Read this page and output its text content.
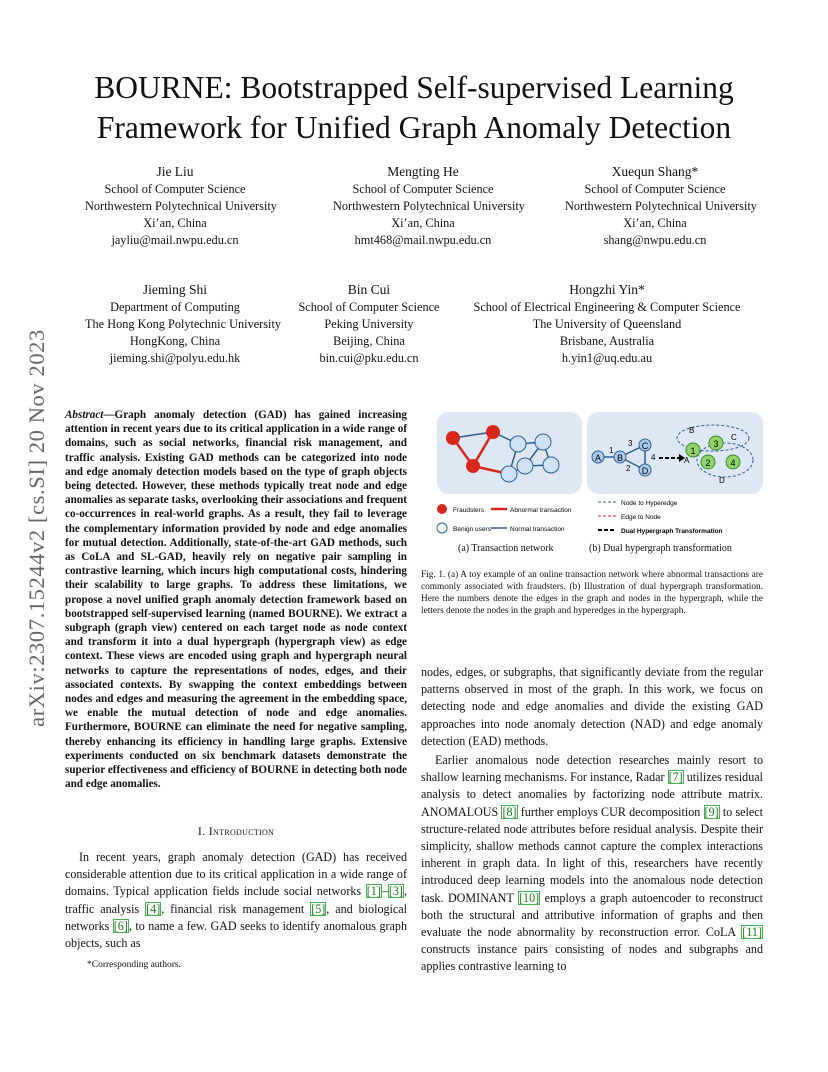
BOURNE: Bootstrapped Self-supervised Learning
Framework for Unified Graph Anomaly Detection
arXiv:2307.15244v2 [cs.SI] 20 Nov 2023
Jie Liu
School of Computer Science
Northwestern Polytechnical University
Xi’an, China
jayliu@mail.nwpu.edu.cn
Mengting He
School of Computer Science
Northwestern Polytechnical University
Xi’an, China
hmt468@mail.nwpu.edu.cn
Xuequn Shang*
School of Computer Science
Northwestern Polytechnical University
Xi’an, China
shang@nwpu.edu.cn
Jieming Shi
Department of Computing
The Hong Kong Polytechnic University
HongKong, China
jieming.shi@polyu.edu.hk
Bin Cui
School of Computer Science
Peking University
Beijing, China
bin.cui@pku.edu.cn
Hongzhi Yin*
School of Electrical Engineering & Computer Science
The University of Queensland
Brisbane, Australia
h.yin1@uq.edu.au

Abstract—Graph anomaly detection (GAD) has gained increasing attention in recent years due to its critical application in a wide range of domains, such as social networks, financial risk management, and traffic analysis. Existing GAD methods can be categorized into node and edge anomaly detection models based on the type of graph objects being detected. However, these methods typically treat node and edge anomalies as separate tasks, overlooking their associations and frequent co-occurrences in real-world graphs. As a result, they fail to leverage the complementary information provided by node and edge anomalies for mutual detection. Additionally, state-of-the-art GAD methods, such as CoLA and SL-GAD, heavily rely on negative pair sampling in contrastive learning, which incurs high computational costs, hindering their scalability to large graphs. To address these limitations, we propose a novel unified graph anomaly detection framework based on bootstrapped self-supervised learning (named BOURNE). We extract a subgraph (graph view) centered on each target node as node context and transform it into a dual hypergraph (hypergraph view) as edge context. These views are encoded using graph and hypergraph neural networks to capture the representations of nodes, edges, and their associated contexts. By swapping the context embeddings between nodes and edges and measuring the agreement in the embedding space, we enable the mutual detection of node and edge anomalies. Furthermore, BOURNE can eliminate the need for negative sampling, thereby enhancing its efficiency in handling large graphs. Extensive experiments conducted on six benchmark datasets demonstrate the superior effectiveness and efficiency of BOURNE in detecting both node and edge anomalies.

I. Introduction

In recent years, graph anomaly detection (GAD) has received considerable attention due to its critical application in a wide range of domains. Typical application fields include social networks [1]–[3], traffic analysis [4], financial risk management [5], and biological networks [6], to name a few. GAD seeks to identify anomalous graph objects, such as

*Corresponding authors.
A B
C
D
1
2
3
4
1
2
3
4
A
B
C
D
Fraudsters	Abnormal transaction
Benign users	Normal transaction
Node to Hyperedge
Edge to Node
Dual Hypergraph Transformation
(a) Transaction network	(b) Dual hypergraph transformation
Fig. 1. (a) A toy example of an online transaction network where abnormal transactions are commonly associated with fraudsters. (b) Illustration of dual hypergraph transformation. Here the numbers denote the edges in the graph and nodes in the hypergraph, while the letters denote the nodes in the graph and hyperedges in the hypergraph.

nodes, edges, or subgraphs, that significantly deviate from the regular patterns observed in most of the graph. In this work, we focus on detecting node and edge anomalies and divide the existing GAD approaches into node anomaly detection (NAD) and edge anomaly detection (EAD) methods.

Earlier anomalous node detection researches mainly resort to shallow learning mechanisms. For instance, Radar [7] utilizes residual analysis to detect anomalies by factorizing node attribute matrix. ANOMALOUS [8] further employs CUR decomposition [9] to select structure-related node attributes before residual analysis. Despite their simplicity, shallow methods cannot capture the complex interactions inherent in graph data. In light of this, researchers have recently introduced deep learning models into the anomalous node detection task. DOMINANT [10] employs a graph autoencoder to reconstruct both the structural and attributive information of graphs and then evaluate the node abnormality by reconstruction error. CoLA [11] constructs instance pairs consisting of nodes and subgraphs and applies contrastive learning to
